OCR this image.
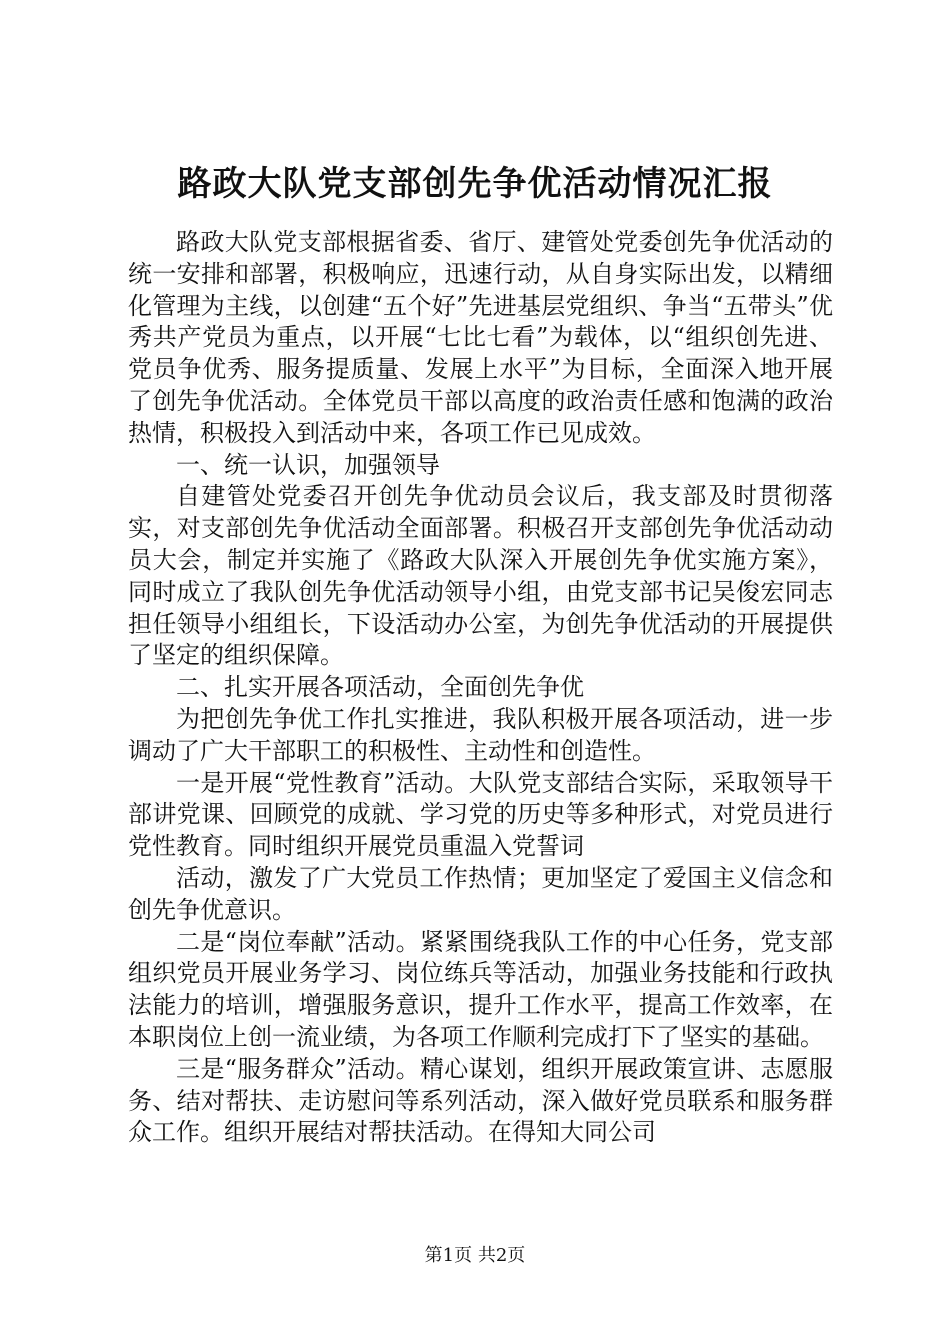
路政大队党支部创先争优活动情况汇报

路政大队党支部根据省委、省厅、建管处党委创先争优活动的统一安排和部署，积极响应，迅速行动，从自身实际出发，以精细化管理为主线，以创建“五个好”先进基层党组织、争当“五带头”优秀共产党员为重点，以开展“七比七看”为载体，以“组织创先进、党员争优秀、服务提质量、发展上水平”为目标，全面深入地开展了创先争优活动。全体党员干部以高度的政治责任感和饱满的政治热情，积极投入到活动中来，各项工作已见成效。

一、统一认识，加强领导

自建管处党委召开创先争优动员会议后，我支部及时贯彻落实，对支部创先争优活动全面部署。积极召开支部创先争优活动动员大会，制定并实施了《路政大队深入开展创先争优实施方案》，同时成立了我队创先争优活动领导小组，由党支部书记吴俊宏同志担任领导小组组长，下设活动办公室，为创先争优活动的开展提供了坚定的组织保障。

二、扎实开展各项活动，全面创先争优

为把创先争优工作扎实推进，我队积极开展各项活动，进一步调动了广大干部职工的积极性、主动性和创造性。

一是开展“党性教育”活动。大队党支部结合实际，采取领导干部讲党课、回顾党的成就、学习党的历史等多种形式，对党员进行党性教育。同时组织开展党员重温入党誓词

活动，激发了广大党员工作热情；更加坚定了爱国主义信念和创先争优意识。

二是“岗位奉献”活动。紧紧围绕我队工作的中心任务，党支部组织党员开展业务学习、岗位练兵等活动，加强业务技能和行政执法能力的培训，增强服务意识，提升工作水平，提高工作效率，在本职岗位上创一流业绩，为各项工作顺利完成打下了坚实的基础。

三是“服务群众”活动。精心谋划，组织开展政策宣讲、志愿服务、结对帮扶、走访慰问等系列活动，深入做好党员联系和服务群众工作。组织开展结对帮扶活动。在得知大同公司

第1页 共2页
